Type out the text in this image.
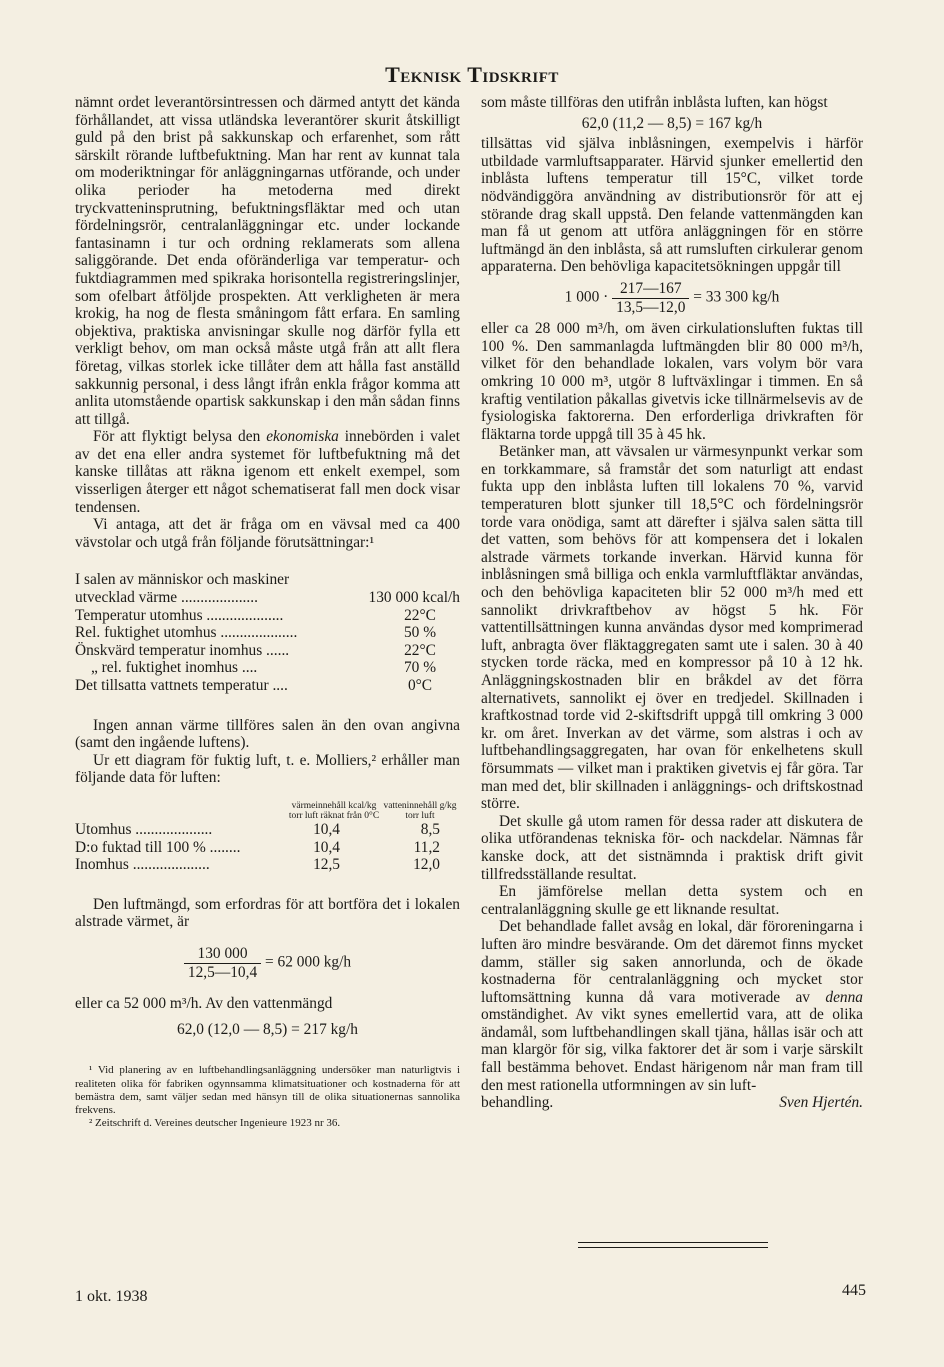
Teknisk Tidskrift

nämnt ordet leverantörsintressen och därmed antytt det kända förhållandet, att vissa utländska leverantörer skurit åtskilligt guld på den brist på sakkunskap och erfarenhet, som rått särskilt rörande luftbefuktning. Man har rent av kunnat tala om moderiktningar för anläggningarnas utförande, och under olika perioder ha metoderna med direkt tryckvatteninsprutning, befuktningsfläktar med och utan fördelningsrör, centralanläggningar etc. under lockande fantasinamn i tur och ordning reklamerats som allena saliggörande. Det enda oföränderliga var temperatur- och fuktdiagrammen med spikraka horisontella registreringslinjer, som ofelbart åtföljde prospekten. Att verkligheten är mera krokig, ha nog de flesta småningom fått erfara. En samling objektiva, praktiska anvisningar skulle nog därför fylla ett verkligt behov, om man också måste utgå från att allt flera företag, vilkas storlek icke tillåter dem att hålla fast anställd sakkunnig personal, i dess långt ifrån enkla frågor komma att anlita utomstående opartisk sakkunskap i den mån sådan finns att tillgå.

För att flyktigt belysa den ekonomiska innebörden i valet av det ena eller andra systemet för luftbefuktning må det kanske tillåtas att räkna igenom ett enkelt exempel, som visserligen återger ett något schematiserat fall men dock visar tendensen.

Vi antaga, att det är fråga om en vävsal med ca 400 vävstolar och utgå från följande förutsättningar:¹

I salen av människor och maskiner
utvecklad värme ....................	130 000 kcal/h
Temperatur utomhus ....................	22°C
Rel. fuktighet utomhus ....................	50 %
Önskvärd temperatur inomhus ......	22°C
„ rel. fuktighet inomhus ....	70 %
Det tillsatta vattnets temperatur ....	0°C

Ingen annan värme tillföres salen än den ovan angivna (samt den ingående luftens).

Ur ett diagram för fuktig luft, t. e. Molliers,² erhåller man följande data för luften:

värmeinnehåll kcal/kg torr luft räknat från 0°C
vatteninnehåll g/kg torr luft
Utomhus ....................	10,4	8,5
D:o fuktad till 100 % ........	10,4	11,2
Inomhus ....................	12,5	12,0

Den luftmängd, som erfordras för att bortföra det i lokalen alstrade värmet, är

$\frac{130 000}{12,5—10,4} = 62$ 000 kg/h

eller ca 52 000 m³/h. Av den vattenmängd

62,0 (12,0 — 8,5) = 217 kg/h

¹ Vid planering av en luftbehandlingsanläggning undersöker man naturligtvis i realiteten olika för fabriken ogynnsamma klimatsituationer och kostnaderna för att bemästra dem, samt väljer sedan med hänsyn till de olika situationernas sannolika frekvens.

² Zeitschrift d. Vereines deutscher Ingenieure 1923 nr 36.

som måste tillföras den utifrån inblåsta luften, kan högst

62,0 (11,2 — 8,5) = 167 kg/h

tillsättas vid själva inblåsningen, exempelvis i härför utbildade varmluftsapparater. Härvid sjunker emellertid den inblåsta luftens temperatur till 15°C, vilket torde nödvändiggöra användning av distributionsrör för att ej störande drag skall uppstå. Den felande vattenmängden kan man få ut genom att utföra anläggningen för en större luftmängd än den inblåsta, så att rumsluften cirkulerar genom apparaterna. Den behövliga kapacitetsökningen uppgår till

1 $000 \cdot \frac{217—167}{13,5—12,0} = 33$ 300 kg/h

eller ca 28 000 m³/h, om även cirkulationsluften fuktas till 100 %. Den sammanlagda luftmängden blir 80 000 m³/h, vilket för den behandlade lokalen, vars volym bör vara omkring 10 000 m³, utgör 8 luftväxlingar i timmen. En så kraftig ventilation påkallas givetvis icke tillnärmelsevis av de fysiologiska faktorerna. Den erforderliga drivkraften för fläktarna torde uppgå till 35 à 45 hk.

Betänker man, att vävsalen ur värmesynpunkt verkar som en torkkammare, så framstår det som naturligt att endast fukta upp den inblåsta luften till lokalens 70 %, varvid temperaturen blott sjunker till 18,5°C och fördelningsrör torde vara onödiga, samt att därefter i själva salen sätta till det vatten, som behövs för att kompensera det i lokalen alstrade värmets torkande inverkan. Härvid kunna för inblåsningen små billiga och enkla varmluftfläktar användas, och den behövliga kapaciteten blir 52 000 m³/h med ett sannolikt drivkraftbehov av högst 5 hk. För vattentillsättningen kunna användas dysor med komprimerad luft, anbragta över fläktaggregaten samt ute i salen. 30 à 40 stycken torde räcka, med en kompressor på 10 à 12 hk. Anläggningskostnaden blir en bråkdel av det förra alternativets, sannolikt ej över en tredjedel. Skillnaden i kraftkostnad torde vid 2-skiftsdrift uppgå till omkring 3 000 kr. om året. Inverkan av det värme, som alstras i och av luftbehandlingsaggregaten, har ovan för enkelhetens skull försummats — vilket man i praktiken givetvis ej får göra. Tar man med det, blir skillnaden i anläggnings- och driftskostnad större.

Det skulle gå utom ramen för dessa rader att diskutera de olika utförandenas tekniska för- och nackdelar. Nämnas får kanske dock, att det sistnämnda i praktisk drift givit tillfredsställande resultat.

En jämförelse mellan detta system och en centralanläggning skulle ge ett liknande resultat.

Det behandlade fallet avsåg en lokal, där föroreningarna i luften äro mindre besvärande. Om det däremot finns mycket damm, ställer sig saken annorlunda, och de ökade kostnaderna för centralanläggning och mycket stor luftomsättning kunna då vara motiverade av denna omständighet. Av vikt synes emellertid vara, att de olika ändamål, som luftbehandlingen skall tjäna, hållas isär och att man klargör för sig, vilka faktorer det är som i varje särskilt fall bestämma behovet. Endast härigenom når man fram till den mest rationella utformningen av sin luft-

behandling.	Sven Hjertén.
1 okt. 1938	445
